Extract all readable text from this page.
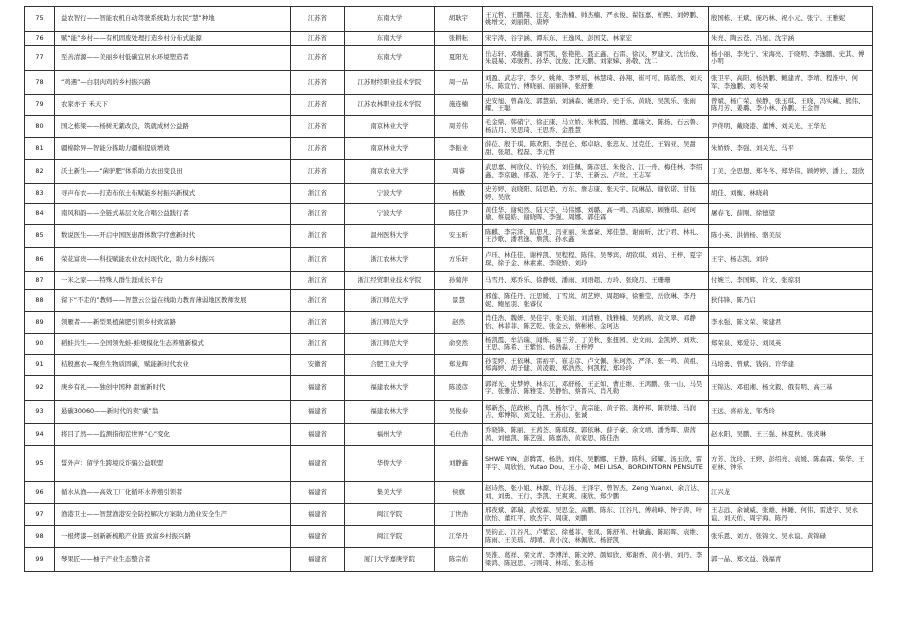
75	益农智行——智能农机自动驾驶系统助力农民“慧”种地	江苏省	东南大学	胡耿宇	王元哲、王鹏翔、汪麦、张浩楠、帅杰楠、严永俊、翟钰嘉、柏熙、刘婷鹏、姚增文、刘丽阳、唐婷	殷国栋、王斌、庞巧林、祝小元、张宁、王雅妮
76	赋“能”乡村——有机固废处理打造乡村分布式能源	江苏省	东南大学	张耕耘	宋宇涛、谷宇涵、谭东东、王逸风、彭国艾、林家宏	朱亮、陶云苍、冯星、沈宇涵
77	至善清源——美丽乡村低碳宜居水环境塑造者	江苏省	东南大学	夏阳光	岳志轩、邓继鑫、滴雪凯、张艳艳、聂正鑫、石雷、徐汉、罗建文、沈岳俊、朱晨易、邓骏哲、孙华、沈俊、沈天鹏、刘家娣、孙敬、沈二	杨小丽、李先宁、宋海亮、于晓明、李逸鹏、史其、傅小明
78	“鸡遇”—白羽肉鸡的乡村振兴路	江苏省	江苏财经职业技术学院	周一品	刘盈、武志宇、李夕、姚帅、李罗瑶、林慧琦、孙翔、崔可可、陈皓然、刘天乐、陈宣竹、傅晓丽、丽丽锋、张舒雅	张卫平、高阳、杨浩鹏、鲍建青、李靖、程淮中、何军、李逸鹏、刘冬荣
79	农家亦子 禾天下	江苏省	江苏农林职业技术学院	施连楠	史安旭、曾森茂、郭慧茹、刘涵森、姚语玲、史于乐、黄晓、吴凯乐、张雨耀、王聪	曾斌、杨广荣、侯静、张玉琪、王晓、冯实藏、熊伟、陈月芳、姜璐、李小林、孙鹏、王金智
80	国之栋梁——杨树无絮改良，筑就成材公益路	江苏省	南京林业大学	周芳伟	毛金鼎、韩硝宁、徐正康、马立娇、朱秋霞、国栖、董瑞文、陈扬、石云鲁、杨洁月、吴思琦、王思乔、金胜慧	尹佟明、戴晓港、董博、刘关光、王华光
81	疆棉除异—智能分拣助力疆棉提质增效	江苏省	南京林业大学	李振业	薛莅、殷于琪、陈欢阳、李昆仑、郑卓晗、张忠友、过克任、王锦亚、吴甜甜、张超、程磊、李元哲	朱娇娇、李强、刘关光、马平
82	沃土新生——“菌驴肥”体系助力农田变良田	江苏省	南京农业大学	周睿	武思嘉、柯欣仪、许钧杰、刘佳佩、陈彦廷、朱俊合、江一舟、梅佳林、李绍鑫、李京融、邢荔、尧今子、丁华、王新云、卢丝、王志军	丁美、全思想、郑冬冬、郑华伟、顾婷婷、潘上、聂欣
83	寻声布衣——打造布依土布赋能乡村振兴新模式	浙江省	宁波大学	杨傲	史芳婷、袁晓阳、陆思艳、方东、詹志康、张天宇、阮琳喆、谢依诺、甘钰婷、吴欣	胡佳、刘衡、林晓莉
84	南风和韵——全链式基层文化合唱公益践行者	浙江省	宁波大学	陈佳尹	黄佳华、谢宛然、陆天宇、马伟娜、刘璐、高一鸣、冯淑琼、顾雅琪、赵珂瑜、蔡晨皓、谢晓晖、李强、周娜、郭佳霖	屠春飞、薛刚、徐德望
85	数说医生——开启中国医患群体数字疗愈新时代	浙江省	温州医科大学	安玉昕	陈麒、李宗泽、陆思凡、冯亚丽、朱嘉豪、郑佳慧、谢雨昕、沈宁君、林礼、王沙歌、潘君逸、詹凯、孙永鑫	陈小英、洪倩杨、骆美辰
86	荣花富贵——科技赋能农业农村现代化，助力乡村振兴	浙江省	浙江农林大学	方乐轩	卢珏、林佳佳、谢梓凯、吴程程、陈伟、吴琴宾、胡钦琪、刘岩、王梓、夏宇琛、徐子金、林素素、李晓娇、刘玲	王宇、杨志凯、刘玲
87	一米之家——特殊人群生涯成长平台	浙江省	浙江经贸职业技术学院	孙菊萍	马雪丹、郑乔乐、徐静媛、潘雨、刘语超、方玲、张晓月、王珊珊	付婉兰、李国辉、许文、张琼羽
88	留下“不走的”教师——智慧云公益在线助力教育薄弱地区教师发展	浙江省	浙江师范大学	景慧	邢莲、陈佳丹、汪思媛、丁雪岚、胡艺婷、周超峰、徐雅莹、岳欣琳、李丹妮、鲍星羽、张睿仪	狄伟锋、陈乃启
89	领雁者——新型果植菌肥引领乡村致富路	浙江省	浙江师范大学	赵然	肖佳浩、魏妍、吴佳宇、张美娟、刘清雅、钱雅楠、吴鸥鸥、黄文翠、邓静怡、林菲菲、陈艺乾、张金云、蔡彬彬、金珂达	李永强、陈文荣、梁建君
90	稻蛙共生——全国领先蛙-蛙规模化生态养殖新模式	浙江省	浙江师范大学	俞奕然	杨凯霞、牟洁瑞、闻烁、易兰芳、丁美秋、张扭园、史文雨、金凯婷、刘欢、王思、陈希、王紫怡、杨浩淼、王梓婷	郑荣泉、郑爱芬、刘凤英
91	桔殷惠农—聚焦生物质固碳，赋能新时代农业	安徽省	合肥工业大学	郑龙辉	孙雯婷、王依琳、雷裕平、崔志彦、卢文佩、朱珂然、严泽、张一鸣、黄祖、郑海婷、胡子健、黄凌毅、郑浩然、何凯程、郑玲玲	马培勇、曾斌、钱钧、许华建
92	庚乡有礼——独创中国种 甜蜜新时代	福建省	福建农林大学	陈凌彦	郭祥光、史梦婷、林东江、邓舒杨、王正如、曹庄维、王鸿鹏、张一山、马昊宇、张雅洁、陈雅雯、吴静怡、蔡晋兴、肖凡勒	王锦达、邓祖湘、杨文毅、俄有明、高三基
93	悬碳30060——新时代的卖“碳”翁	福建省	福建农林大学	吴俊泰	郑新杰、范政彬、肖凯、杨尔宁、黄宗能、黄子铭、龚梓邦、陈铁缕、马润吉、郑博锦、刘艾娃、王苏山、张诚	王远、喜裕龙、邹秀玲
94	将目了然——监测指彻茬世界“心”变化	福建省	福州大学	毛仕浩	乔晓锋、陈丽、王茜荟、陈琪琛、郭依琳、薛子豪、余文靖、潘秀晖、唐茜茜、刘德凯、陈艺强、陈嘉浩、黄家思、陈佳浩	赵永阳、吴鹏、王三强、林夏秋、张炎琳
95	誓外声：留学生跨境反诈骗公益联盟	福建省	华侨大学	刘静鑫	SHWE YIN、彭腾霄、杨浩、刘伟、吴鹏娜、王静、陈科、邱耀、汤玉欣、雷平宇、周欣怡、Yutao Dou、王小奇、MEI LISA、BORDINTORN PENSUTE	方芳、沈玲、王婷、彭绍亮、袁媛、陈森霖、柴华、王亚林、钟乐
96	循水从渔——高效工厂化循环水养殖引领者	福建省	集美大学	侯旗	赵诗然、张小姐、林源、许志扬、王泽宇、曾智杰、Zeng Yuanxi、余言达、刘、刘勇、王行、李凯、王爽爽、康欣、郑少鹏	江兴龙
97	渔港卫士——智慧渔港安全防控解决方案助力渔业安全生产	福建省	闽江学院	丁世浩	邢夜斌、郭瑞、武悦霖、吴思金、高鹏、陈东、江谷凡、傅莉峰、钟子涛、叶欣怡、董红平、欧杰宇、周康、刘鹏	王志远、余诚威、张雄、林睡、何伟、雷进宇、吴永谊、刘天佑、周宇海、陈丹
98	一根烤漆—创新新梳粮产业链 致富乡村振兴路	福建省	闽江学院	江华丹	吴钧正、江谷凡、卢紫宏、徐蔓菲、张凤、陈舒苇、杜敏鑫、陈昭晖、袁维、陈雨、王美瑶、胡晴、黄小汶、林佩欣、杨舒凯	张乐恩、刘方、张锦文、吴永谊、黄锦碌
99	琴果匠——柚子产业生态整合者	福建省	厦门大学嘉庚学院	陈宗佑	吴淮、葛祥、栾文青、李溥洋、陈文婷、颜如欣、郑谢香、黄小倩、刘丹、李梁鸿、陈冠思、刁则琦、林瑶、张志杨	郭一晶、郑文益、钱福青
